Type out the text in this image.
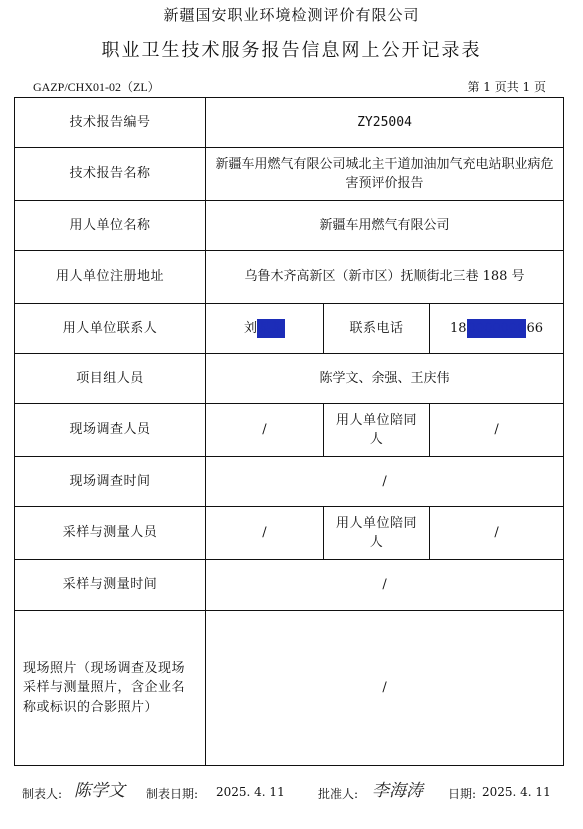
新疆国安职业环境检测评价有限公司
职业卫生技术服务报告信息网上公开记录表
GAZP/CHX01-02（ZL）	第 1 页共 1 页
技术报告编号	ZY25004		
技术报告名称	新疆车用燃气有限公司城北主干道加油加气充电站职业病危害预评价报告		
用人单位名称	新疆车用燃气有限公司		
用人单位注册地址	乌鲁木齐高新区（新市区）抚顺街北三巷 188 号		
用人单位联系人	刘某某	联系电话	18000000066
项目组人员	陈学文、余强、王庆伟		
现场调查人员	/	用人单位陪同人	/
现场调查时间	/		
采样与测量人员	/	用人单位陪同人	/
采样与测量时间	/		
现场照片（现场调查及现场采样与测量照片，含企业名称或标识的合影照片）	/		
制表人: 陈学文 制表日期: 2025. 4. 11	批准人: 李海涛 日期: 2025. 4. 11
